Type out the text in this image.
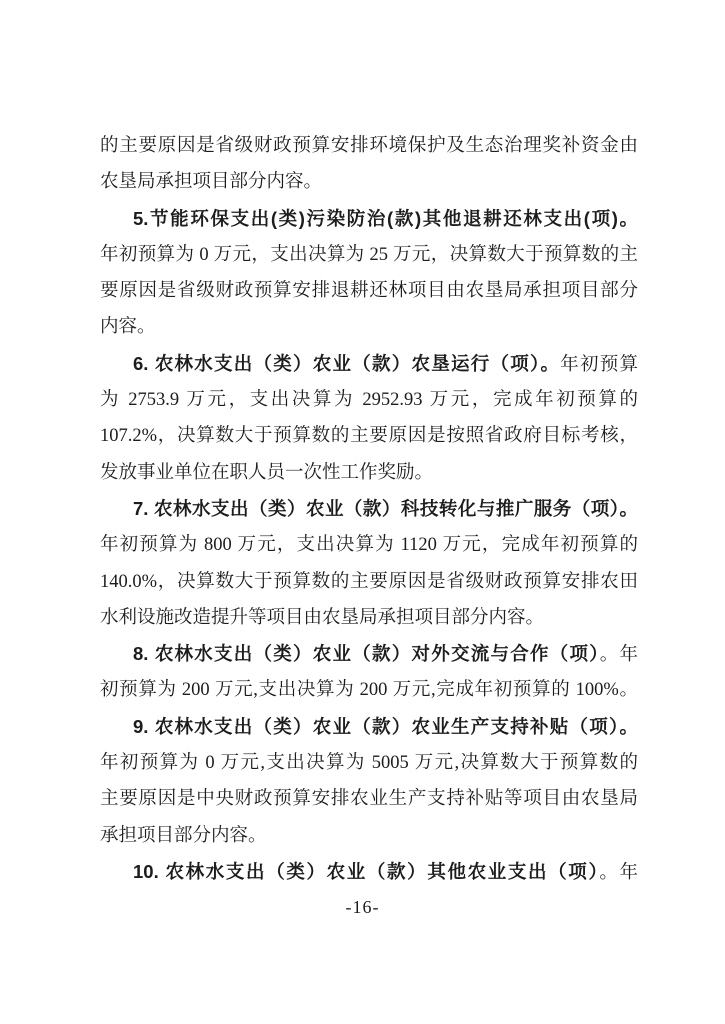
的主要原因是省级财政预算安排环境保护及生态治理奖补资金由
农垦局承担项目部分内容。
5.节能环保支出(类)污染防治(款)其他退耕还林支出(项)。
年初预算为 0 万元，支出决算为 25 万元，决算数大于预算数的主
要原因是省级财政预算安排退耕还林项目由农垦局承担项目部分
内容。
6. 农林水支出（类）农业（款）农垦运行（项）。年初预算
为 2753.9 万元，支出决算为 2952.93 万元，完成年初预算的
107.2%，决算数大于预算数的主要原因是按照省政府目标考核，
发放事业单位在职人员一次性工作奖励。
7. 农林水支出（类）农业（款）科技转化与推广服务（项）。
年初预算为 800 万元，支出决算为 1120 万元，完成年初预算的
140.0%，决算数大于预算数的主要原因是省级财政预算安排农田
水利设施改造提升等项目由农垦局承担项目部分内容。
8. 农林水支出（类）农业（款）对外交流与合作（项）。年
初预算为 200 万元,支出决算为 200 万元,完成年初预算的 100%。
9. 农林水支出（类）农业（款）农业生产支持补贴（项）。
年初预算为 0 万元,支出决算为 5005 万元,决算数大于预算数的
主要原因是中央财政预算安排农业生产支持补贴等项目由农垦局
承担项目部分内容。
10. 农林水支出（类）农业（款）其他农业支出（项）。年
-16-
